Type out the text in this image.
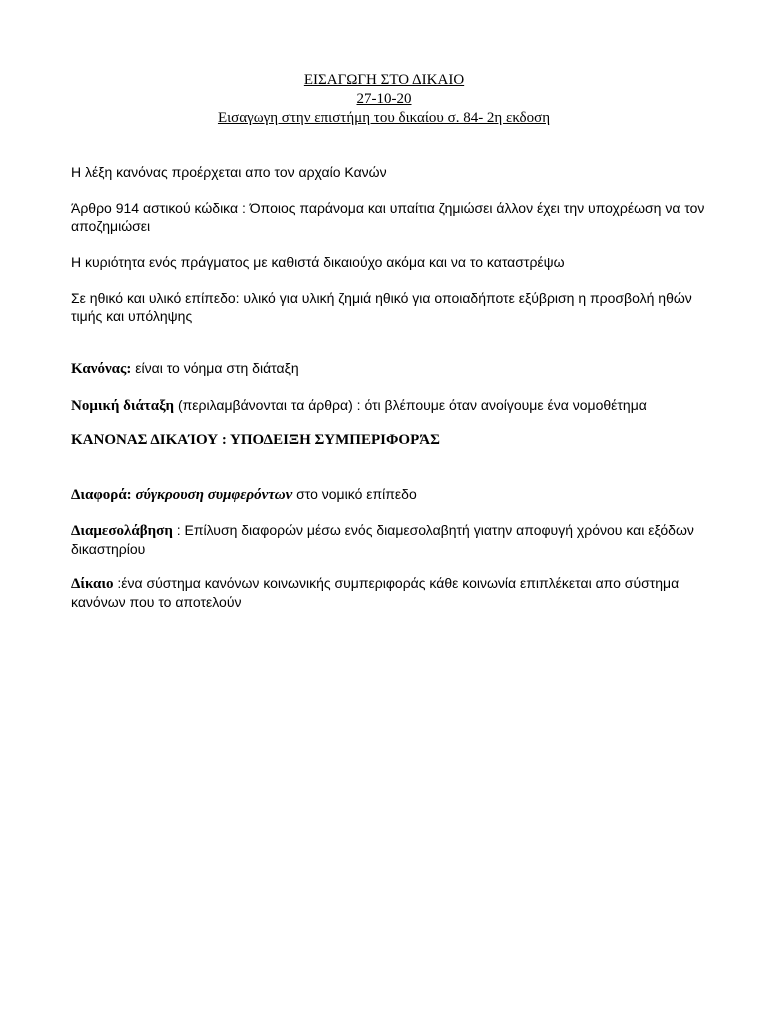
ΕΙΣΑΓΩΓΗ ΣΤΟ ΔΙΚΑΙΟ
27-10-20
Εισαγωγη στην επιστήμη του δικαίου σ. 84- 2η εκδοση
Η λέξη κανόνας προέρχεται απο τον αρχαίο Κανών
Άρθρο 914 αστικού κώδικα : Όποιος παράνομα και υπαίτια ζημιώσει άλλον έχει την υποχρέωση να τον αποζημιώσει
Η κυριότητα ενός πράγματος με καθιστά δικαιούχο ακόμα και να το καταστρέψω
Σε ηθικό και υλικό επίπεδο: υλικό για υλική ζημιά ηθικό για οποιαδήποτε εξύβριση η προσβολή ηθών τιμής και υπόληψης
Κανόνας: είναι το νόημα στη διάταξη
Νομική διάταξη (περιλαμβάνονται τα άρθρα) : ότι βλέπουμε όταν ανοίγουμε ένα νομοθέτημα
ΚΑΝΟΝΑΣ ΔΙΚΑΊΟΥ : ΥΠΟΔΕΙΞΗ ΣΥΜΠΕΡΙΦΟΡΆΣ
Διαφορά: σύγκρουση συμφερόντων στο νομικό επίπεδο
Διαμεσολάβηση : Επίλυση διαφορών μέσω ενός διαμεσολαβητή γιατην αποφυγή χρόνου και εξόδων δικαστηρίου
Δίκαιο :ένα σύστημα κανόνων κοινωνικής συμπεριφοράς κάθε κοινωνία επιπλέκεται απο σύστημα κανόνων που το αποτελούν
